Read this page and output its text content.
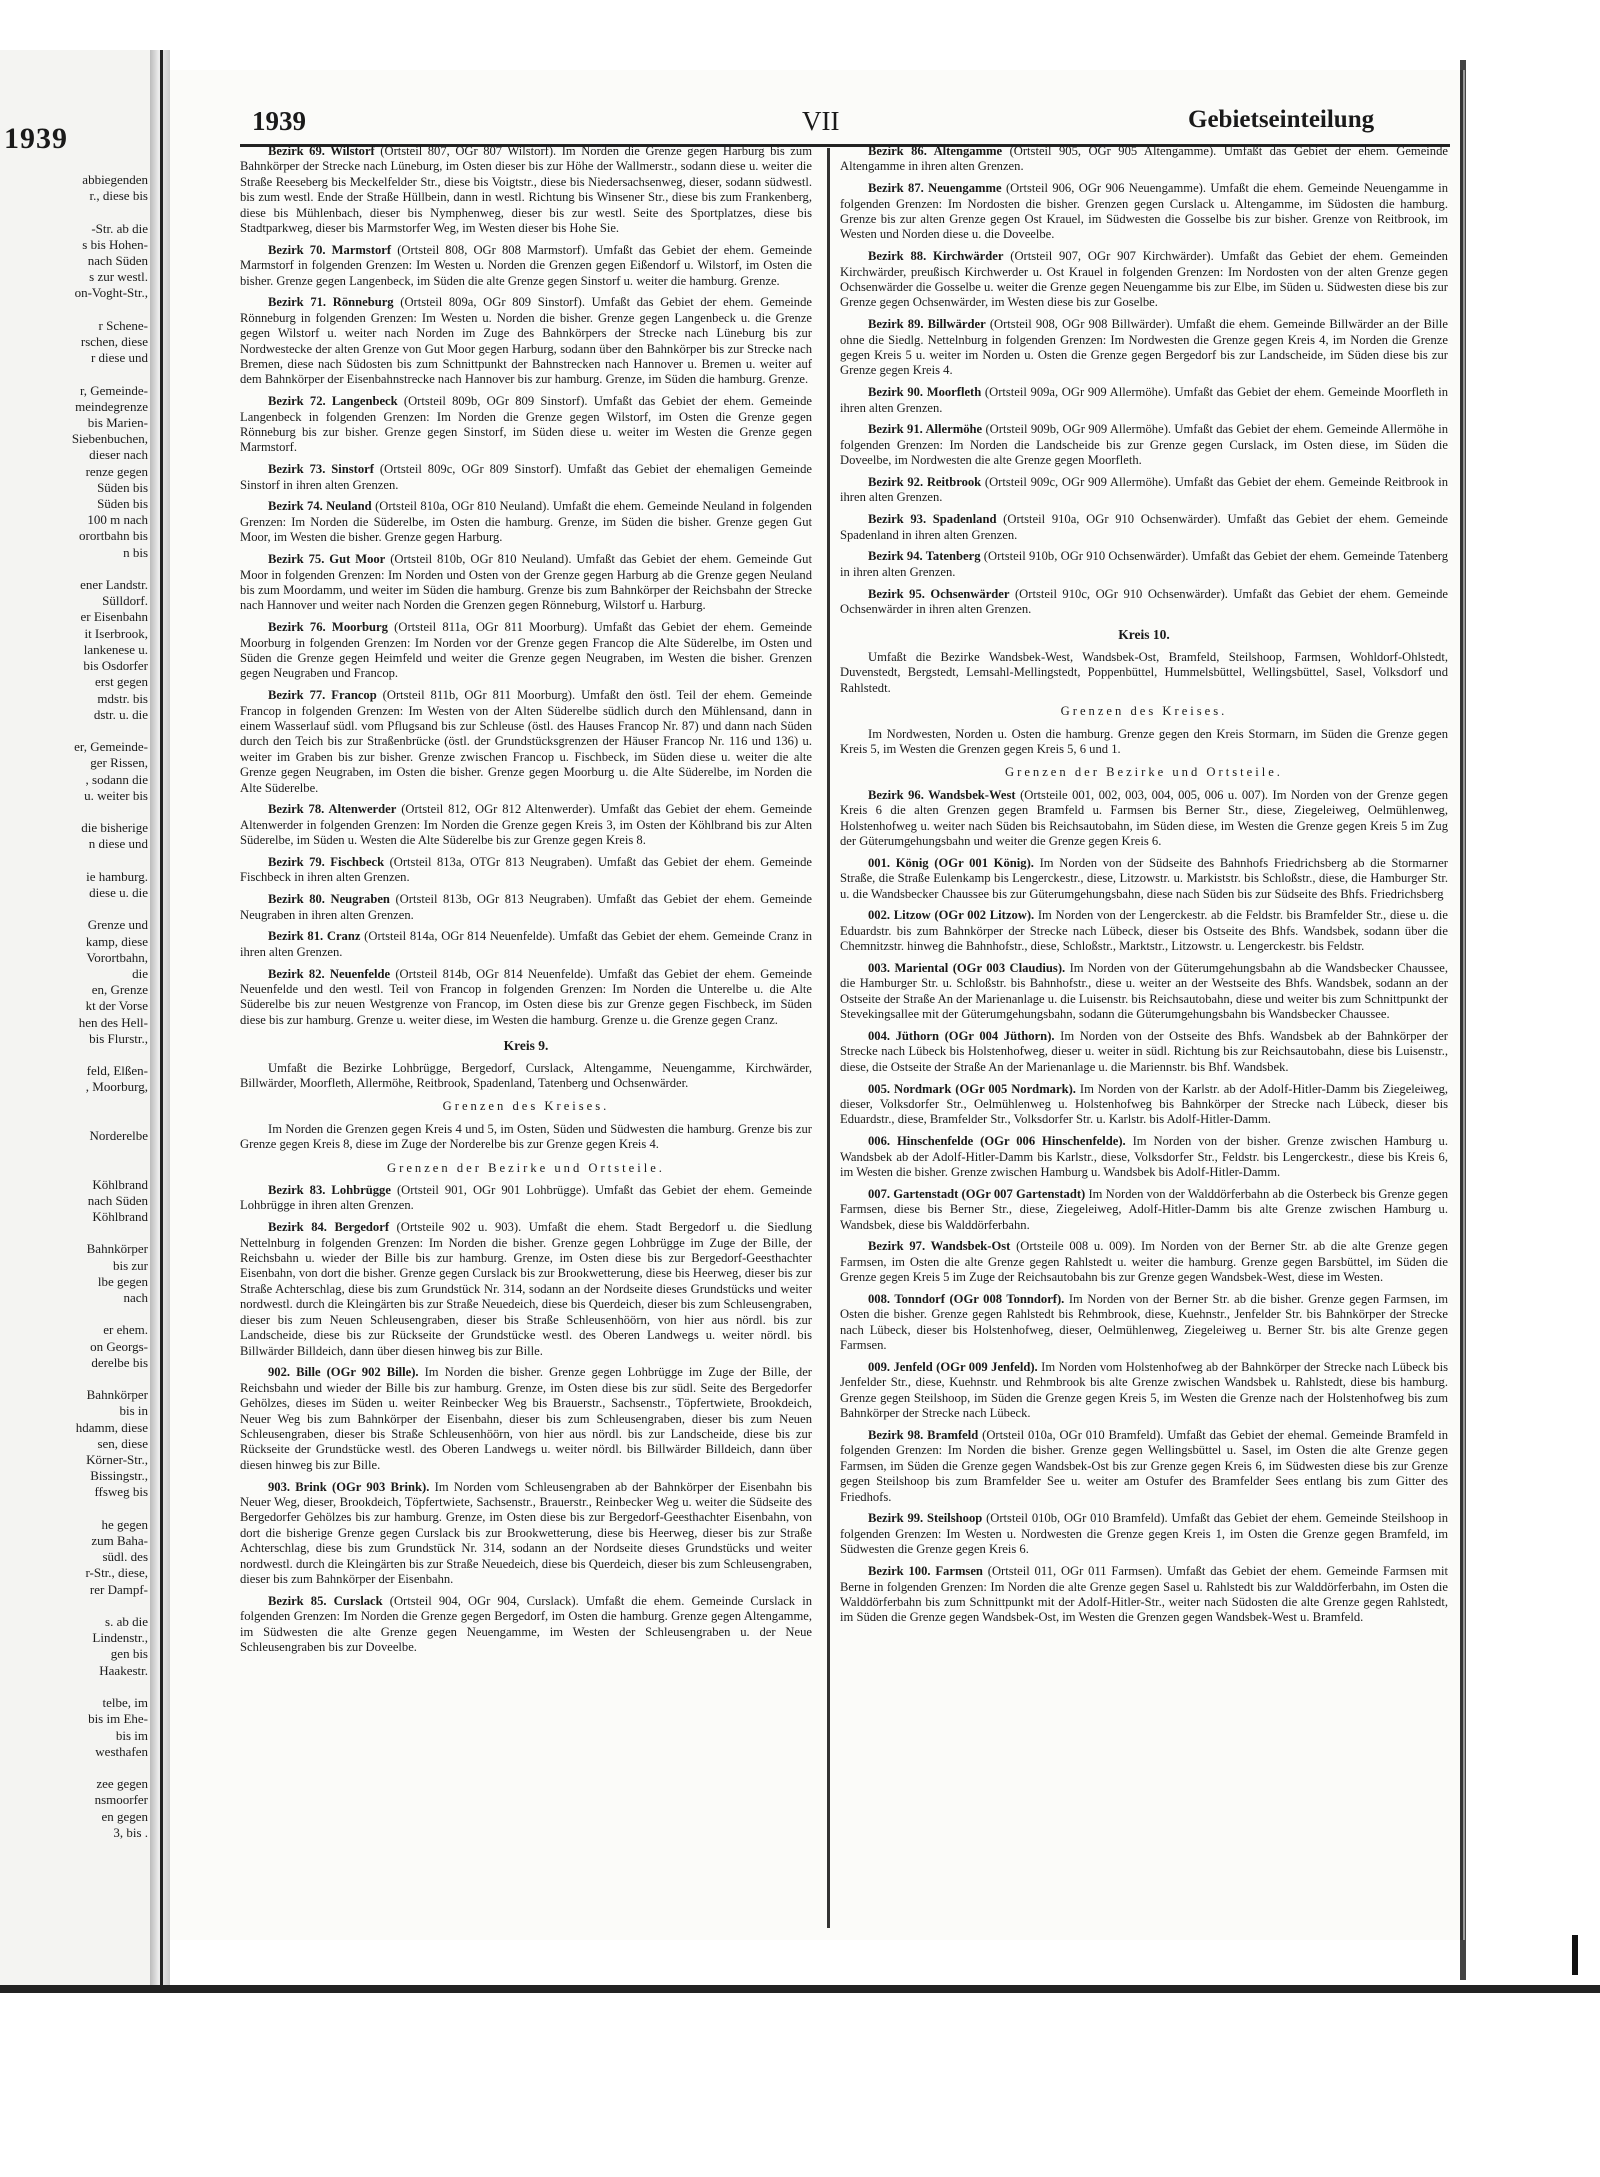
1939
abbiegenden
r., diese bis

-Str. ab die
s bis Hohen-
nach Süden
s zur westl.
on-Voght-Str.,

r Schene-
rschen, diese
r diese und

r, Gemeinde-
meindegrenze
bis Marien-
Siebenbuchen,
dieser nach
renze gegen
Süden bis
Süden bis
100 m nach
orortbahn bis
n bis

ener Landstr.
Sülldorf.
er Eisenbahn
it Iserbrook,
lankenese u.
bis Osdorfer
erst gegen
mdstr. bis
dstr. u. die

er, Gemeinde-
ger Rissen,
, sodann die
u. weiter bis

die bisherige
n diese und

ie hamburg.
diese u. die

Grenze und
kamp, diese
Vorortbahn,
die
en, Grenze
kt der Vorse
hen des Hell-
bis Flurstr.,

feld, Elßen-
, Moorburg,

Norderelbe

Köhlbrand
nach Süden
Köhlbrand

Bahnkörper
bis zur
lbe gegen
nach

er ehem.
on Georgs-
derelbe bis

Bahnkörper
bis in
hdamm, diese
sen, diese
Körner-Str.,
Bissingstr.,
ffsweg bis

he gegen
zum Baha-
südl. des
r-Str., diese,
rer Dampf-

s. ab die
Lindenstr.,
gen bis
Haakestr.

telbe, im
bis im Ehe-
bis im
westhafen

zee gegen
nsmoorfer
en gegen
3, bis .
1939	VII	Gebietseinteilung

Bezirk 69. Wilstorf (Ortsteil 807, OGr 807 Wilstorf). Im Norden die Grenze gegen Harburg bis zum Bahnkörper der Strecke nach Lüneburg, im Osten dieser bis zur Höhe der Wallmerstr., sodann diese u. weiter die Straße Reeseberg bis Meckelfelder Str., diese bis Voigtstr., diese bis Niedersachsenweg, dieser, sodann südwestl. bis zum westl. Ende der Straße Hüllbein, dann in westl. Richtung bis Winsener Str., diese bis zum Frankenberg, diese bis Mühlenbach, dieser bis Nymphenweg, dieser bis zur westl. Seite des Sportplatzes, diese bis Stadtparkweg, dieser bis Marmstorfer Weg, im Westen dieser bis Hohe Sie.

Bezirk 70. Marmstorf (Ortsteil 808, OGr 808 Marmstorf). Umfaßt das Gebiet der ehem. Gemeinde Marmstorf in folgenden Grenzen: Im Westen u. Norden die Grenzen gegen Eißendorf u. Wilstorf, im Osten die bisher. Grenze gegen Langenbeck, im Süden die alte Grenze gegen Sinstorf u. weiter die hamburg. Grenze.

Bezirk 71. Rönneburg (Ortsteil 809a, OGr 809 Sinstorf). Umfaßt das Gebiet der ehem. Gemeinde Rönneburg in folgenden Grenzen: Im Westen u. Norden die bisher. Grenze gegen Langenbeck u. die Grenze gegen Wilstorf u. weiter nach Norden im Zuge des Bahnkörpers der Strecke nach Lüneburg bis zur Nordwestecke der alten Grenze von Gut Moor gegen Harburg, sodann über den Bahnkörper bis zur Strecke nach Bremen, diese nach Südosten bis zum Schnittpunkt der Bahnstrecken nach Hannover u. Bremen u. weiter auf dem Bahnkörper der Eisenbahnstrecke nach Hannover bis zur hamburg. Grenze, im Süden die hamburg. Grenze.

Bezirk 72. Langenbeck (Ortsteil 809b, OGr 809 Sinstorf). Umfaßt das Gebiet der ehem. Gemeinde Langenbeck in folgenden Grenzen: Im Norden die Grenze gegen Wilstorf, im Osten die Grenze gegen Rönneburg bis zur bisher. Grenze gegen Sinstorf, im Süden diese u. weiter im Westen die Grenze gegen Marmstorf.

Bezirk 73. Sinstorf (Ortsteil 809c, OGr 809 Sinstorf). Umfaßt das Gebiet der ehemaligen Gemeinde Sinstorf in ihren alten Grenzen.

Bezirk 74. Neuland (Ortsteil 810a, OGr 810 Neuland). Umfaßt die ehem. Gemeinde Neuland in folgenden Grenzen: Im Norden die Süderelbe, im Osten die hamburg. Grenze, im Süden die bisher. Grenze gegen Gut Moor, im Westen die bisher. Grenze gegen Harburg.

Bezirk 75. Gut Moor (Ortsteil 810b, OGr 810 Neuland). Umfaßt das Gebiet der ehem. Gemeinde Gut Moor in folgenden Grenzen: Im Norden und Osten von der Grenze gegen Harburg ab die Grenze gegen Neuland bis zum Moordamm, und weiter im Süden die hamburg. Grenze bis zum Bahnkörper der Reichsbahn der Strecke nach Hannover und weiter nach Norden die Grenzen gegen Rönneburg, Wilstorf u. Harburg.

Bezirk 76. Moorburg (Ortsteil 811a, OGr 811 Moorburg). Umfaßt das Gebiet der ehem. Gemeinde Moorburg in folgenden Grenzen: Im Norden vor der Grenze gegen Francop die Alte Süderelbe, im Osten und Süden die Grenze gegen Heimfeld und weiter die Grenze gegen Neugraben, im Westen die bisher. Grenzen gegen Neugraben und Francop.

Bezirk 77. Francop (Ortsteil 811b, OGr 811 Moorburg). Umfaßt den östl. Teil der ehem. Gemeinde Francop in folgenden Grenzen: Im Westen von der Alten Süderelbe südlich durch den Mühlensand, dann in einem Wasserlauf südl. vom Pflugsand bis zur Schleuse (östl. des Hauses Francop Nr. 87) und dann nach Süden durch den Teich bis zur Straßenbrücke (östl. der Grundstücksgrenzen der Häuser Francop Nr. 116 und 136) u. weiter im Graben bis zur bisher. Grenze zwischen Francop u. Fischbeck, im Süden diese u. weiter die alte Grenze gegen Neugraben, im Osten die bisher. Grenze gegen Moorburg u. die Alte Süderelbe, im Norden die Alte Süderelbe.

Bezirk 78. Altenwerder (Ortsteil 812, OGr 812 Altenwerder). Umfaßt das Gebiet der ehem. Gemeinde Altenwerder in folgenden Grenzen: Im Norden die Grenze gegen Kreis 3, im Osten der Köhlbrand bis zur Alten Süderelbe, im Süden u. Westen die Alte Süderelbe bis zur Grenze gegen Kreis 8.

Bezirk 79. Fischbeck (Ortsteil 813a, OTGr 813 Neugraben). Umfaßt das Gebiet der ehem. Gemeinde Fischbeck in ihren alten Grenzen.

Bezirk 80. Neugraben (Ortsteil 813b, OGr 813 Neugraben). Umfaßt das Gebiet der ehem. Gemeinde Neugraben in ihren alten Grenzen.

Bezirk 81. Cranz (Ortsteil 814a, OGr 814 Neuenfelde). Umfaßt das Gebiet der ehem. Gemeinde Cranz in ihren alten Grenzen.

Bezirk 82. Neuenfelde (Ortsteil 814b, OGr 814 Neuenfelde). Umfaßt das Gebiet der ehem. Gemeinde Neuenfelde und den westl. Teil von Francop in folgenden Grenzen: Im Norden die Unterelbe u. die Alte Süderelbe bis zur neuen Westgrenze von Francop, im Osten diese bis zur Grenze gegen Fischbeck, im Süden diese bis zur hamburg. Grenze u. weiter diese, im Westen die hamburg. Grenze u. die Grenze gegen Cranz.

Kreis 9.

Umfaßt die Bezirke Lohbrügge, Bergedorf, Curslack, Altengamme, Neuengamme, Kirchwärder, Billwärder, Moorfleth, Allermöhe, Reitbrook, Spadenland, Tatenberg und Ochsenwärder.

Grenzen des Kreises.

Im Norden die Grenzen gegen Kreis 4 und 5, im Osten, Süden und Südwesten die hamburg. Grenze bis zur Grenze gegen Kreis 8, diese im Zuge der Norderelbe bis zur Grenze gegen Kreis 4.

Grenzen der Bezirke und Ortsteile.

Bezirk 83. Lohbrügge (Ortsteil 901, OGr 901 Lohbrügge). Umfaßt das Gebiet der ehem. Gemeinde Lohbrügge in ihren alten Grenzen.

Bezirk 84. Bergedorf (Ortsteile 902 u. 903). Umfaßt die ehem. Stadt Bergedorf u. die Siedlung Nettelnburg in folgenden Grenzen: Im Norden die bisher. Grenze gegen Lohbrügge im Zuge der Bille, der Reichsbahn u. wieder der Bille bis zur hamburg. Grenze, im Osten diese bis zur Bergedorf-Geesthachter Eisenbahn, von dort die bisher. Grenze gegen Curslack bis zur Brookwetterung, diese bis Heerweg, dieser bis zur Straße Achterschlag, diese bis zum Grundstück Nr. 314, sodann an der Nordseite dieses Grundstücks und weiter nordwestl. durch die Kleingärten bis zur Straße Neuedeich, diese bis Querdeich, dieser bis zum Schleusengraben, dieser bis zum Neuen Schleusengraben, dieser bis Straße Schleusenhöörn, von hier aus nördl. bis zur Landscheide, diese bis zur Rückseite der Grundstücke westl. des Oberen Landwegs u. weiter nördl. bis Billwärder Billdeich, dann über diesen hinweg bis zur Bille.

902. Bille (OGr 902 Bille). Im Norden die bisher. Grenze gegen Lohbrügge im Zuge der Bille, der Reichsbahn und wieder der Bille bis zur hamburg. Grenze, im Osten diese bis zur südl. Seite des Bergedorfer Gehölzes, dieses im Süden u. weiter Reinbecker Weg bis Brauerstr., Sachsenstr., Töpfertwiete, Brookdeich, Neuer Weg bis zum Bahnkörper der Eisenbahn, dieser bis zum Schleusengraben, dieser bis zum Neuen Schleusengraben, dieser bis Straße Schleusenhöörn, von hier aus nördl. bis zur Landscheide, diese bis zur Rückseite der Grundstücke westl. des Oberen Landwegs u. weiter nördl. bis Billwärder Billdeich, dann über diesen hinweg bis zur Bille.

903. Brink (OGr 903 Brink). Im Norden vom Schleusengraben ab der Bahnkörper der Eisenbahn bis Neuer Weg, dieser, Brookdeich, Töpfertwiete, Sachsenstr., Brauerstr., Reinbecker Weg u. weiter die Südseite des Bergedorfer Gehölzes bis zur hamburg. Grenze, im Osten diese bis zur Bergedorf-Geesthachter Eisenbahn, von dort die bisherige Grenze gegen Curslack bis zur Brookwetterung, diese bis Heerweg, dieser bis zur Straße Achterschlag, diese bis zum Grundstück Nr. 314, sodann an der Nordseite dieses Grundstücks und weiter nordwestl. durch die Kleingärten bis zur Straße Neuedeich, diese bis Querdeich, dieser bis zum Schleusengraben, dieser bis zum Bahnkörper der Eisenbahn.

Bezirk 85. Curslack (Ortsteil 904, OGr 904, Curslack). Umfaßt die ehem. Gemeinde Curslack in folgenden Grenzen: Im Norden die Grenze gegen Bergedorf, im Osten die hamburg. Grenze gegen Altengamme, im Südwesten die alte Grenze gegen Neuengamme, im Westen der Schleusengraben u. der Neue Schleusengraben bis zur Doveelbe.

Bezirk 86. Altengamme (Ortsteil 905, OGr 905 Altengamme). Umfaßt das Gebiet der ehem. Gemeinde Altengamme in ihren alten Grenzen.

Bezirk 87. Neuengamme (Ortsteil 906, OGr 906 Neuengamme). Umfaßt die ehem. Gemeinde Neuengamme in folgenden Grenzen: Im Nordosten die bisher. Grenzen gegen Curslack u. Altengamme, im Südosten die hamburg. Grenze bis zur alten Grenze gegen Ost Krauel, im Südwesten die Gosselbe bis zur bisher. Grenze von Reitbrook, im Westen und Norden diese u. die Doveelbe.

Bezirk 88. Kirchwärder (Ortsteil 907, OGr 907 Kirchwärder). Umfaßt das Gebiet der ehem. Gemeinden Kirchwärder, preußisch Kirchwerder u. Ost Krauel in folgenden Grenzen: Im Nordosten von der alten Grenze gegen Ochsenwärder die Gosselbe u. weiter die Grenze gegen Neuengamme bis zur Elbe, im Süden u. Südwesten diese bis zur Grenze gegen Ochsenwärder, im Westen diese bis zur Goselbe.

Bezirk 89. Billwärder (Ortsteil 908, OGr 908 Billwärder). Umfaßt die ehem. Gemeinde Billwärder an der Bille ohne die Siedlg. Nettelnburg in folgenden Grenzen: Im Nordwesten die Grenze gegen Kreis 4, im Norden die Grenze gegen Kreis 5 u. weiter im Norden u. Osten die Grenze gegen Bergedorf bis zur Landscheide, im Süden diese bis zur Grenze gegen Kreis 4.

Bezirk 90. Moorfleth (Ortsteil 909a, OGr 909 Allermöhe). Umfaßt das Gebiet der ehem. Gemeinde Moorfleth in ihren alten Grenzen.

Bezirk 91. Allermöhe (Ortsteil 909b, OGr 909 Allermöhe). Umfaßt das Gebiet der ehem. Gemeinde Allermöhe in folgenden Grenzen: Im Norden die Landscheide bis zur Grenze gegen Curslack, im Osten diese, im Süden die Doveelbe, im Nordwesten die alte Grenze gegen Moorfleth.

Bezirk 92. Reitbrook (Ortsteil 909c, OGr 909 Allermöhe). Umfaßt das Gebiet der ehem. Gemeinde Reitbrook in ihren alten Grenzen.

Bezirk 93. Spadenland (Ortsteil 910a, OGr 910 Ochsenwärder). Umfaßt das Gebiet der ehem. Gemeinde Spadenland in ihren alten Grenzen.

Bezirk 94. Tatenberg (Ortsteil 910b, OGr 910 Ochsenwärder). Umfaßt das Gebiet der ehem. Gemeinde Tatenberg in ihren alten Grenzen.

Bezirk 95. Ochsenwärder (Ortsteil 910c, OGr 910 Ochsenwärder). Umfaßt das Gebiet der ehem. Gemeinde Ochsenwärder in ihren alten Grenzen.

Kreis 10.

Umfaßt die Bezirke Wandsbek-West, Wandsbek-Ost, Bramfeld, Steilshoop, Farmsen, Wohldorf-Ohlstedt, Duvenstedt, Bergstedt, Lemsahl-Mellingstedt, Poppenbüttel, Hummelsbüttel, Wellingsbüttel, Sasel, Volksdorf und Rahlstedt.

Grenzen des Kreises.

Im Nordwesten, Norden u. Osten die hamburg. Grenze gegen den Kreis Stormarn, im Süden die Grenze gegen Kreis 5, im Westen die Grenzen gegen Kreis 5, 6 und 1.

Grenzen der Bezirke und Ortsteile.

Bezirk 96. Wandsbek-West (Ortsteile 001, 002, 003, 004, 005, 006 u. 007). Im Norden von der Grenze gegen Kreis 6 die alten Grenzen gegen Bramfeld u. Farmsen bis Berner Str., diese, Ziegeleiweg, Oelmühlenweg, Holstenhofweg u. weiter nach Süden bis Reichsautobahn, im Süden diese, im Westen die Grenze gegen Kreis 5 im Zug der Güterumgehungsbahn und weiter die Grenze gegen Kreis 6.

001. König (OGr 001 König). Im Norden von der Südseite des Bahnhofs Friedrichsberg ab die Stormarner Straße, die Straße Eulenkamp bis Lengerckestr., diese, Litzowstr. u. Markiststr. bis Schloßstr., diese, die Hamburger Str. u. die Wandsbecker Chaussee bis zur Güterumgehungsbahn, diese nach Süden bis zur Südseite des Bhfs. Friedrichsberg

002. Litzow (OGr 002 Litzow). Im Norden von der Lengerckestr. ab die Feldstr. bis Bramfelder Str., diese u. die Eduardstr. bis zum Bahnkörper der Strecke nach Lübeck, dieser bis Ostseite des Bhfs. Wandsbek, sodann über die Chemnitzstr. hinweg die Bahnhofstr., diese, Schloßstr., Marktstr., Litzowstr. u. Lengerckestr. bis Feldstr.

003. Mariental (OGr 003 Claudius). Im Norden von der Güterumgehungsbahn ab die Wandsbecker Chaussee, die Hamburger Str. u. Schloßstr. bis Bahnhofstr., diese u. weiter an der Westseite des Bhfs. Wandsbek, sodann an der Ostseite der Straße An der Marienanlage u. die Luisenstr. bis Reichsautobahn, diese und weiter bis zum Schnittpunkt der Stevekingsallee mit der Güterumgehungsbahn, sodann die Güterumgehungsbahn bis Wandsbecker Chaussee.

004. Jüthorn (OGr 004 Jüthorn). Im Norden von der Ostseite des Bhfs. Wandsbek ab der Bahnkörper der Strecke nach Lübeck bis Holstenhofweg, dieser u. weiter in südl. Richtung bis zur Reichsautobahn, diese bis Luisenstr., diese, die Ostseite der Straße An der Marienanlage u. die Mariennstr. bis Bhf. Wandsbek.

005. Nordmark (OGr 005 Nordmark). Im Norden von der Karlstr. ab der Adolf-Hitler-Damm bis Ziegeleiweg, dieser, Volksdorfer Str., Oelmühlenweg u. Holstenhofweg bis Bahnkörper der Strecke nach Lübeck, dieser bis Eduardstr., diese, Bramfelder Str., Volksdorfer Str. u. Karlstr. bis Adolf-Hitler-Damm.

006. Hinschenfelde (OGr 006 Hinschenfelde). Im Norden von der bisher. Grenze zwischen Hamburg u. Wandsbek ab der Adolf-Hitler-Damm bis Karlstr., diese, Volksdorfer Str., Feldstr. bis Lengerckestr., diese bis Kreis 6, im Westen die bisher. Grenze zwischen Hamburg u. Wandsbek bis Adolf-Hitler-Damm.

007. Gartenstadt (OGr 007 Gartenstadt) Im Norden von der Walddörferbahn ab die Osterbeck bis Grenze gegen Farmsen, diese bis Berner Str., diese, Ziegeleiweg, Adolf-Hitler-Damm bis alte Grenze zwischen Hamburg u. Wandsbek, diese bis Walddörferbahn.

Bezirk 97. Wandsbek-Ost (Ortsteile 008 u. 009). Im Norden von der Berner Str. ab die alte Grenze gegen Farmsen, im Osten die alte Grenze gegen Rahlstedt u. weiter die hamburg. Grenze gegen Barsbüttel, im Süden die Grenze gegen Kreis 5 im Zuge der Reichsautobahn bis zur Grenze gegen Wandsbek-West, diese im Westen.

008. Tonndorf (OGr 008 Tonndorf). Im Norden von der Berner Str. ab die bisher. Grenze gegen Farmsen, im Osten die bisher. Grenze gegen Rahlstedt bis Rehmbrook, diese, Kuehnstr., Jenfelder Str. bis Bahnkörper der Strecke nach Lübeck, dieser bis Holstenhofweg, dieser, Oelmühlenweg, Ziegeleiweg u. Berner Str. bis alte Grenze gegen Farmsen.

009. Jenfeld (OGr 009 Jenfeld). Im Norden vom Holstenhofweg ab der Bahnkörper der Strecke nach Lübeck bis Jenfelder Str., diese, Kuehnstr. und Rehmbrook bis alte Grenze zwischen Wandsbek u. Rahlstedt, diese bis hamburg. Grenze gegen Steilshoop, im Süden die Grenze gegen Kreis 5, im Westen die Grenze nach der Holstenhofweg bis zum Bahnkörper der Strecke nach Lübeck.

Bezirk 98. Bramfeld (Ortsteil 010a, OGr 010 Bramfeld). Umfaßt das Gebiet der ehemal. Gemeinde Bramfeld in folgenden Grenzen: Im Norden die bisher. Grenze gegen Wellingsbüttel u. Sasel, im Osten die alte Grenze gegen Farmsen, im Süden die Grenze gegen Wandsbek-Ost bis zur Grenze gegen Kreis 6, im Südwesten diese bis zur Grenze gegen Steilshoop bis zum Bramfelder See u. weiter am Ostufer des Bramfelder Sees entlang bis zum Gitter des Friedhofs.

Bezirk 99. Steilshoop (Ortsteil 010b, OGr 010 Bramfeld). Umfaßt das Gebiet der ehem. Gemeinde Steilshoop in folgenden Grenzen: Im Westen u. Nordwesten die Grenze gegen Kreis 1, im Osten die Grenze gegen Bramfeld, im Südwesten die Grenze gegen Kreis 6.

Bezirk 100. Farmsen (Ortsteil 011, OGr 011 Farmsen). Umfaßt das Gebiet der ehem. Gemeinde Farmsen mit Berne in folgenden Grenzen: Im Norden die alte Grenze gegen Sasel u. Rahlstedt bis zur Walddörferbahn, im Osten die Walddörferbahn bis zum Schnittpunkt mit der Adolf-Hitler-Str., weiter nach Südosten die alte Grenze gegen Rahlstedt, im Süden die Grenze gegen Wandsbek-Ost, im Westen die Grenzen gegen Wandsbek-West u. Bramfeld.
